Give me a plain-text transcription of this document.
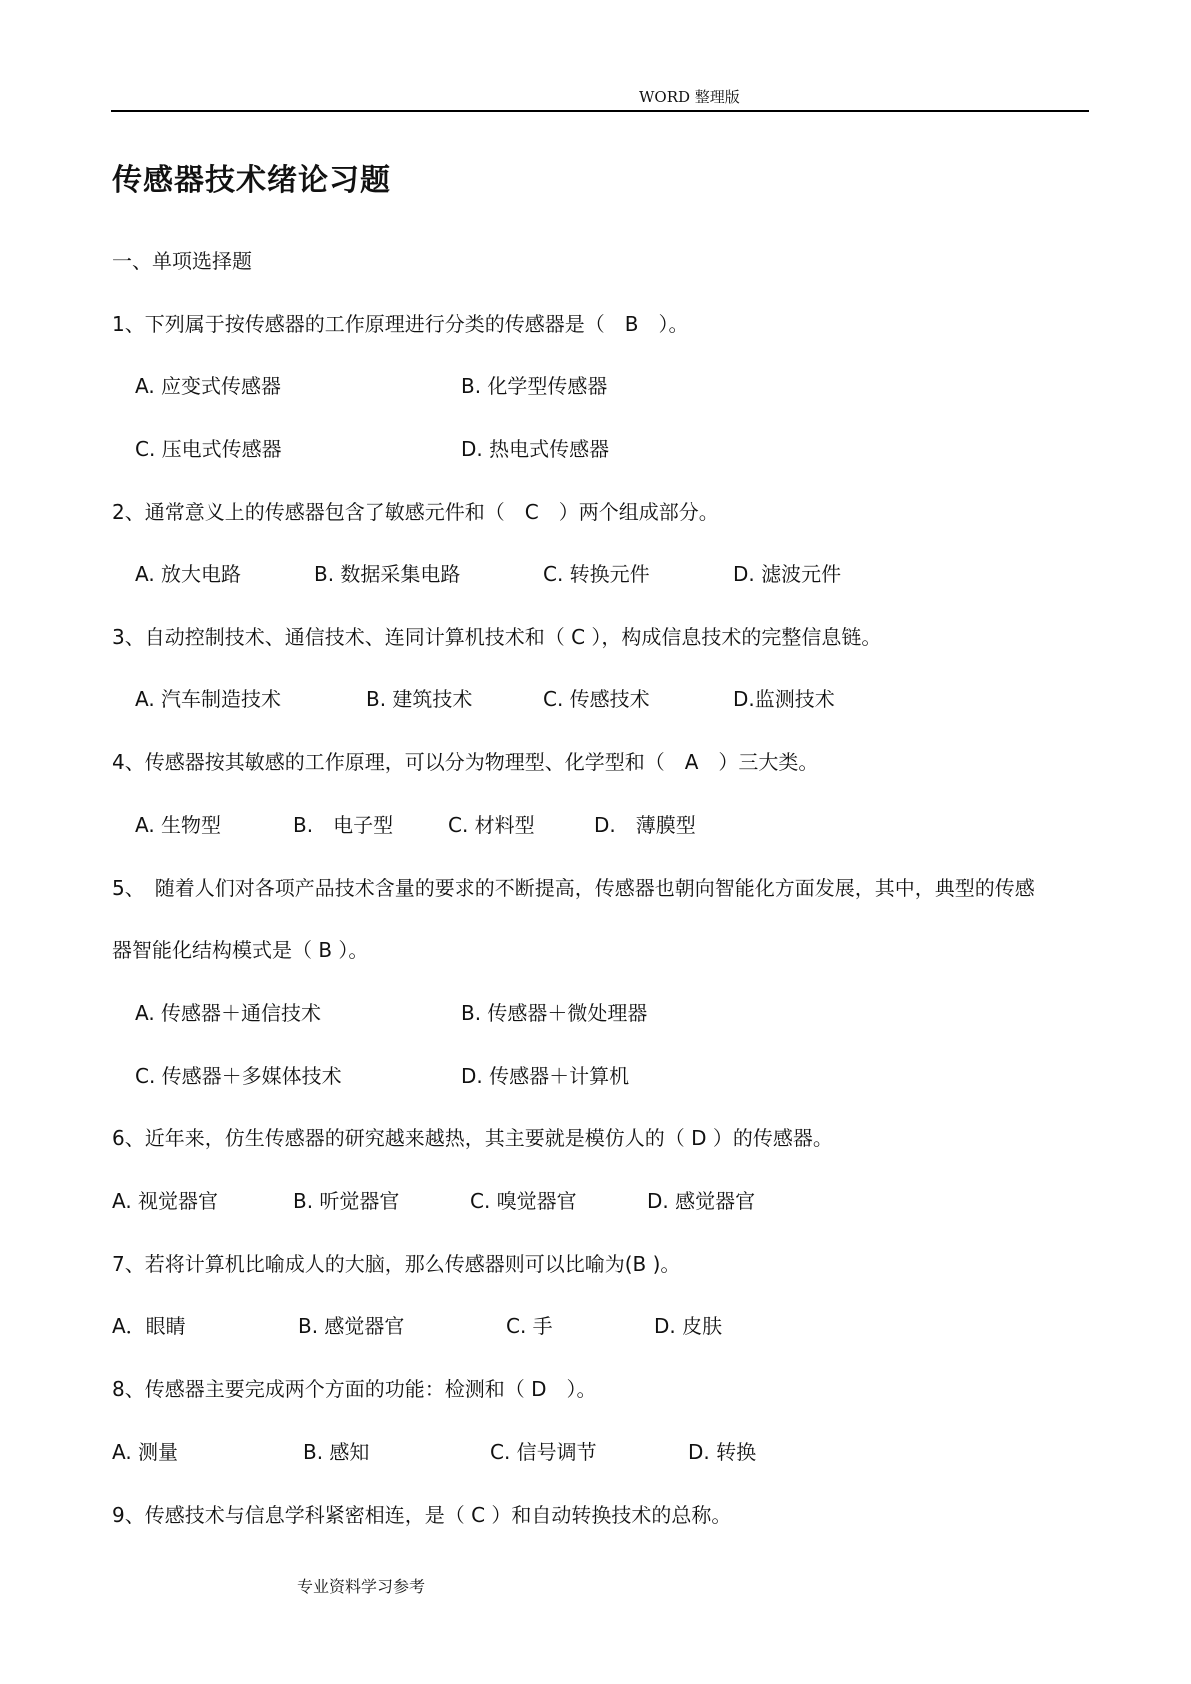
WORD 整理版
传感器技术绪论习题
一、单项选择题
1、下列属于按传感器的工作原理进行分类的传感器是（　B　）。
A. 应变式传感器	B. 化学型传感器
C. 压电式传感器	D. 热电式传感器
2、通常意义上的传感器包含了敏感元件和（　C　）两个组成部分。
A. 放大电路	B. 数据采集电路	C. 转换元件	D. 滤波元件
3、自动控制技术、通信技术、连同计算机技术和（ C ），构成信息技术的完整信息链。
A. 汽车制造技术	B. 建筑技术	C. 传感技术	D.监测技术
4、传感器按其敏感的工作原理，可以分为物理型、化学型和（　A　）三大类。
A. 生物型	B.　电子型	C. 材料型	D.　薄膜型
5、　随着人们对各项产品技术含量的要求的不断提高，传感器也朝向智能化方面发展，其中，典型的传感
器智能化结构模式是（ B ）。
A. 传感器＋通信技术	B. 传感器＋微处理器
C. 传感器＋多媒体技术	D. 传感器＋计算机
6、近年来，仿生传感器的研究越来越热，其主要就是模仿人的（ D ）的传感器。
A. 视觉器官	B. 听觉器官	C. 嗅觉器官	D. 感觉器官
7、若将计算机比喻成人的大脑，那么传感器则可以比喻为(B )。
A．眼睛	B. 感觉器官	C. 手	D. 皮肤
8、传感器主要完成两个方面的功能：检测和（ D　）。
A. 测量	B. 感知	C. 信号调节	D. 转换
9、传感技术与信息学科紧密相连，是（ C ）和自动转换技术的总称。
专业资料学习参考
